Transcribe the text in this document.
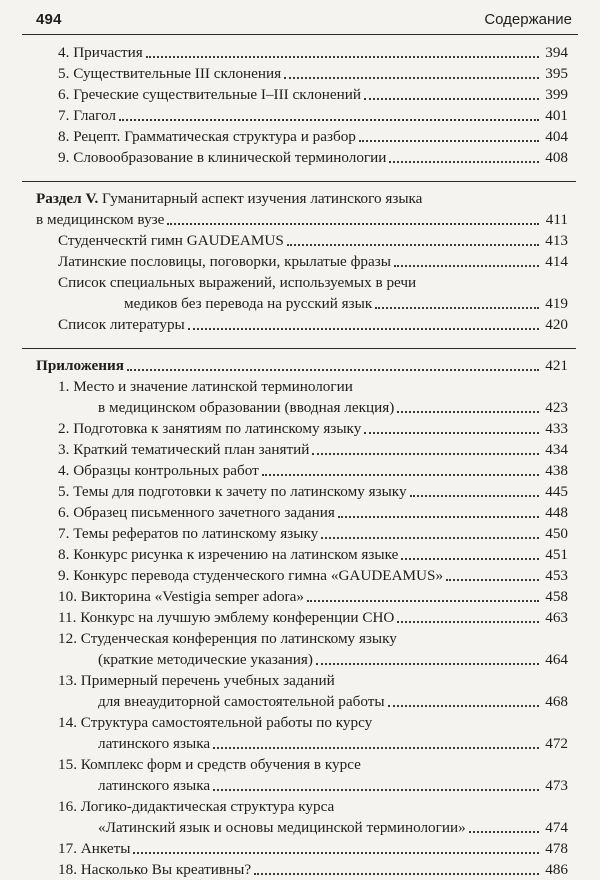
494	Содержание
4. Причастия	394
5. Существительные III склонения	395
6. Греческие существительные I–III склонений	399
7. Глагол	401
8. Рецепт. Грамматическая структура и разбор	404
9. Словообразование в клинической терминологии	408
Раздел V. Гуманитарный аспект изучения латинского языка
в медицинском вузе	411
Студенческтй гимн GAUDEAMUS	413
Латинские пословицы, поговорки, крылатые фразы	414
Список специальных выражений, используемых в речи
медиков без перевода на русский язык	419
Список литературы	420
Приложения	421
1. Место и значение латинской терминологии
в медицинском образовании (вводная лекция)	423
2. Подготовка к занятиям по латинскому языку	433
3. Краткий тематический план занятий	434
4. Образцы контрольных работ	438
5. Темы для подготовки к зачету по латинскому языку	445
6. Образец письменного зачетного задания	448
7. Темы рефератов по латинскому языку	450
8. Конкурс рисунка к изречению на латинском языке	451
9. Конкурс перевода студенческого гимна «GAUDEAMUS»	453
10. Викторина «Vestigia semper adora»	458
11. Конкурс на лучшую эмблему конференции СНО	463
12. Студенческая конференция по латинскому языку
(краткие методические указания)	464
13. Примерный перечень учебных заданий
для внеаудиторной самостоятельной работы	468
14. Структура самостоятельной работы по курсу
латинского языка	472
15. Комплекс форм и средств обучения в курсе
латинского языка	473
16. Логико-дидактическая структура курса
«Латинский язык и основы медицинской терминологии»	474
17. Анкеты	478
18. Насколько Вы креативны?	486
